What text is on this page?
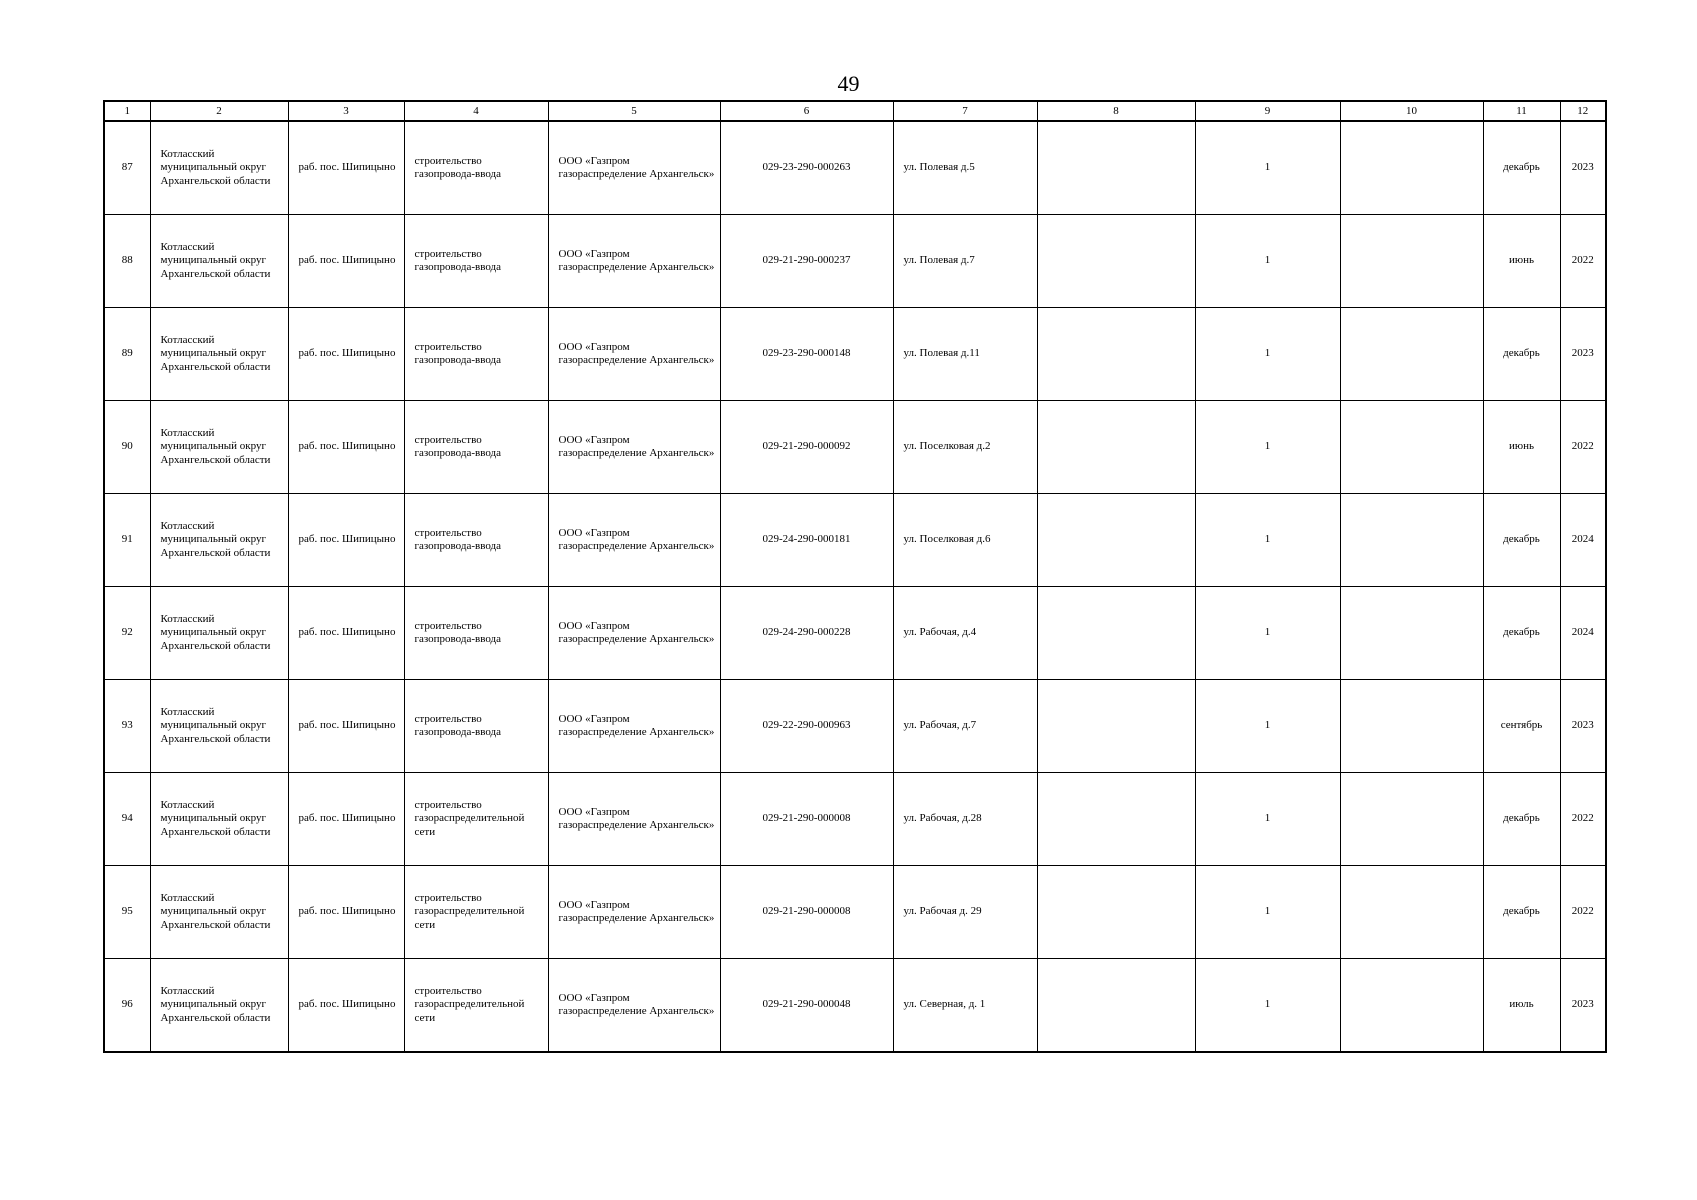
49
1	2	3	4	5	6	7	8	9	10	11	12
87	Котласский муниципальный округ Архангельской области	раб. пос. Шипицыно	строительство газопровода-ввода	ООО «Газпром газораспределение Архангельск»	029-23-290-000263	ул. Полевая д.5		1		декабрь	2023
88	Котласский муниципальный округ Архангельской области	раб. пос. Шипицыно	строительство газопровода-ввода	ООО «Газпром газораспределение Архангельск»	029-21-290-000237	ул. Полевая д.7		1		июнь	2022
89	Котласский муниципальный округ Архангельской области	раб. пос. Шипицыно	строительство газопровода-ввода	ООО «Газпром газораспределение Архангельск»	029-23-290-000148	ул. Полевая д.11		1		декабрь	2023
90	Котласский муниципальный округ Архангельской области	раб. пос. Шипицыно	строительство газопровода-ввода	ООО «Газпром газораспределение Архангельск»	029-21-290-000092	ул. Поселковая д.2		1		июнь	2022
91	Котласский муниципальный округ Архангельской области	раб. пос. Шипицыно	строительство газопровода-ввода	ООО «Газпром газораспределение Архангельск»	029-24-290-000181	ул. Поселковая д.6		1		декабрь	2024
92	Котласский муниципальный округ Архангельской области	раб. пос. Шипицыно	строительство газопровода-ввода	ООО «Газпром газораспределение Архангельск»	029-24-290-000228	ул. Рабочая, д.4		1		декабрь	2024
93	Котласский муниципальный округ Архангельской области	раб. пос. Шипицыно	строительство газопровода-ввода	ООО «Газпром газораспределение Архангельск»	029-22-290-000963	ул. Рабочая, д.7		1		сентябрь	2023
94	Котласский муниципальный округ Архангельской области	раб. пос. Шипицыно	строительство газораспределительной сети	ООО «Газпром газораспределение Архангельск»	029-21-290-000008	ул. Рабочая, д.28		1		декабрь	2022
95	Котласский муниципальный округ Архангельской области	раб. пос. Шипицыно	строительство газораспределительной сети	ООО «Газпром газораспределение Архангельск»	029-21-290-000008	ул. Рабочая д. 29		1		декабрь	2022
96	Котласский муниципальный округ Архангельской области	раб. пос. Шипицыно	строительство газораспределительной сети	ООО «Газпром газораспределение Архангельск»	029-21-290-000048	ул. Северная, д. 1		1		июль	2023
